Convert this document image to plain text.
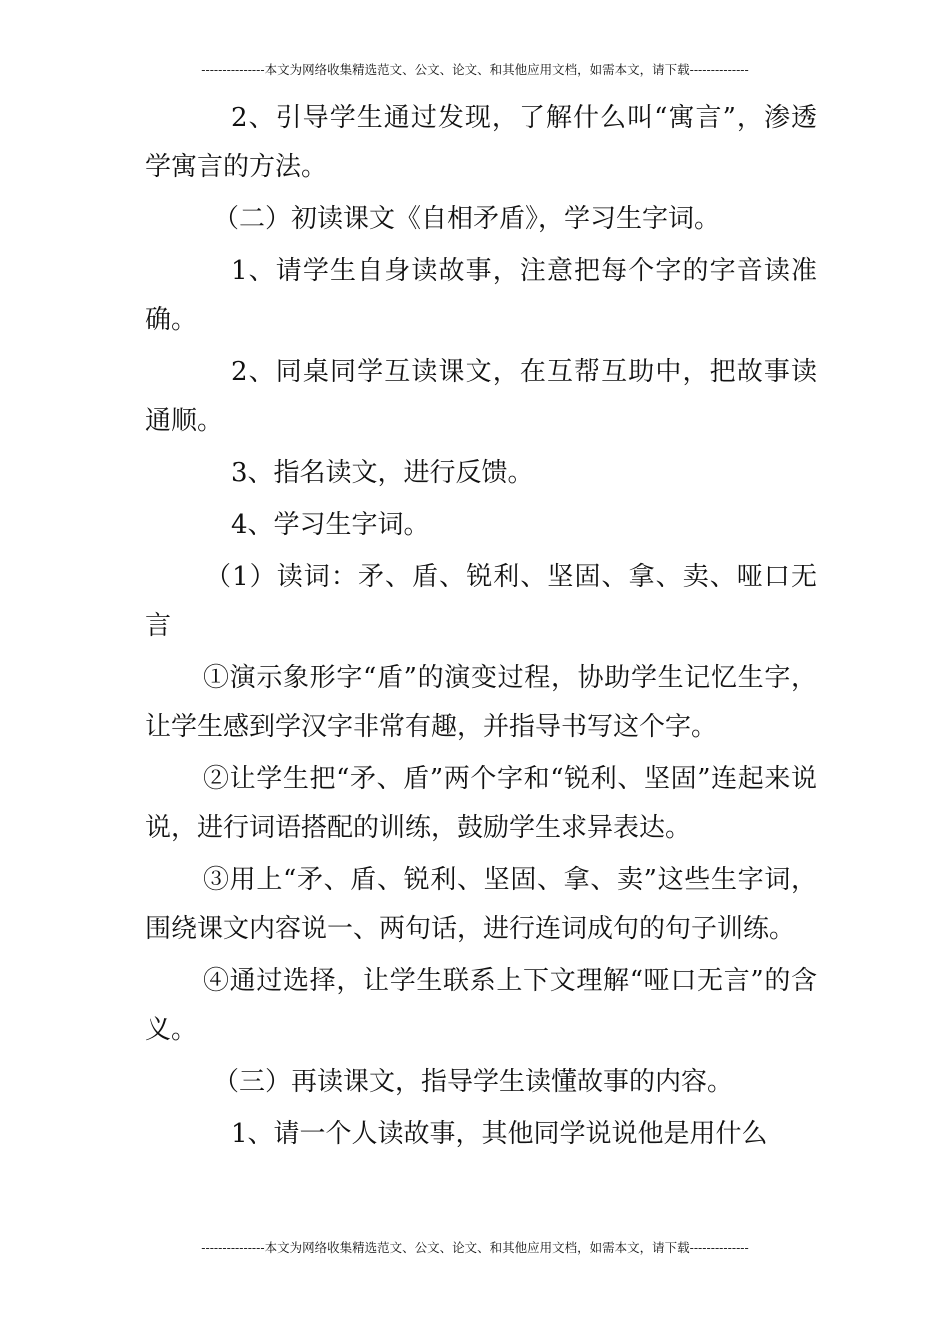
---------------本文为网络收集精选范文、公文、论文、和其他应用文档，如需本文，请下载--------------

2、引导学生通过发现，了解什么叫“寓言”，渗透学寓言的方法。

（二）初读课文《自相矛盾》，学习生字词。

1、请学生自身读故事，注意把每个字的字音读准确。

2、同桌同学互读课文，在互帮互助中，把故事读通顺。

3、指名读文，进行反馈。

4、学习生字词。

（1）读词：矛、盾、锐利、坚固、拿、卖、哑口无言

①演示象形字“盾”的演变过程，协助学生记忆生字，让学生感到学汉字非常有趣，并指导书写这个字。

②让学生把“矛、盾”两个字和“锐利、坚固”连起来说说，进行词语搭配的训练，鼓励学生求异表达。

③用上“矛、盾、锐利、坚固、拿、卖”这些生字词，围绕课文内容说一、两句话，进行连词成句的句子训练。

④通过选择，让学生联系上下文理解“哑口无言”的含义。

（三）再读课文，指导学生读懂故事的内容。

1、请一个人读故事，其他同学说说他是用什么

---------------本文为网络收集精选范文、公文、论文、和其他应用文档，如需本文，请下载--------------
